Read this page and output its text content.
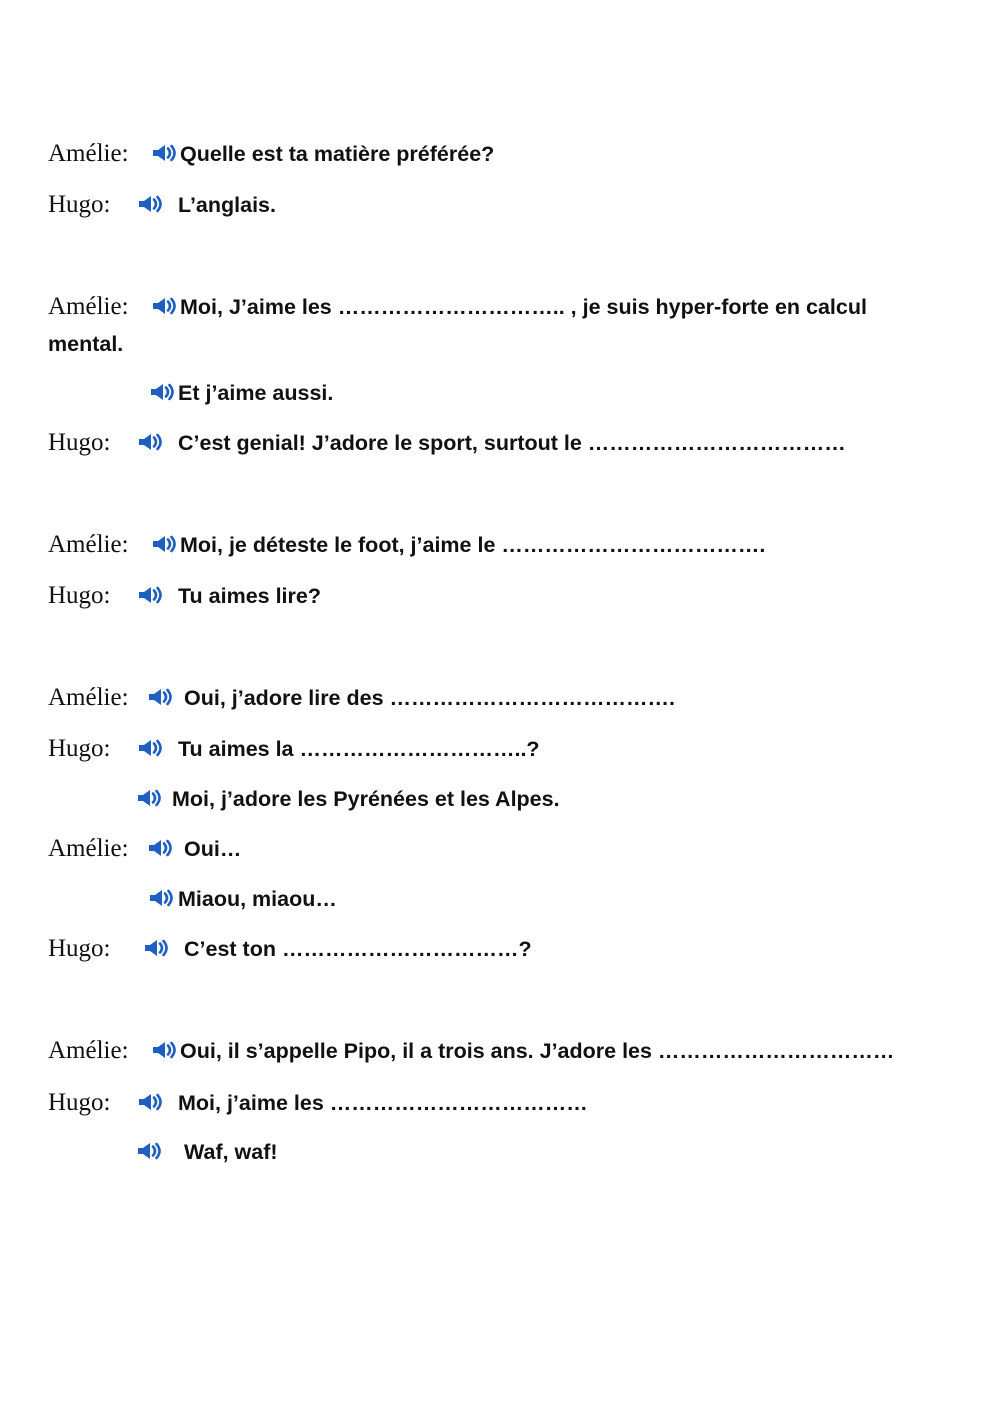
Amélie: Quelle est ta matière préférée?
Hugo:	L’anglais.
Amélie: Moi, J’aime les ………………………….. , je suis hyper-forte en calcul
mental.
Et j’aime aussi.
Hugo:	C’est genial! J’adore le sport, surtout le ………………………………
Amélie: Moi, je déteste le foot, j’aime le ……………………………….
Hugo:	Tu aimes lire?
Amélie:	Oui, j’adore lire des ………………………………….
Hugo:	Tu aimes la …………………………..?
Moi, j’adore les Pyrénées et les Alpes.
Amélie:	Oui…
Miaou, miaou…
Hugo:	C’est ton ……………………………?
Amélie: Oui, il s’appelle Pipo, il a trois ans. J’adore les ……………………………
Hugo:	Moi, j’aime les ………………………………
Waf, waf!
